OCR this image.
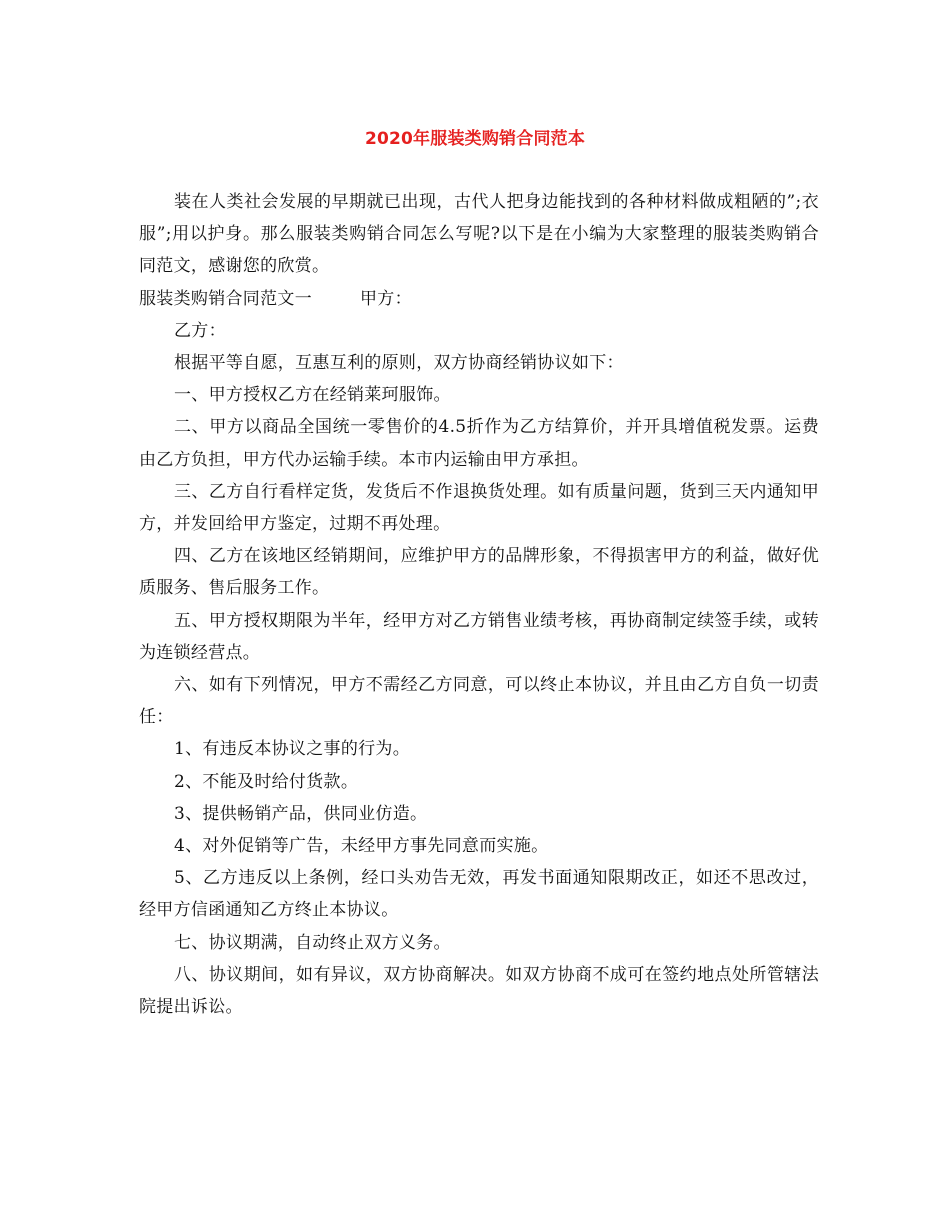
2020年服装类购销合同范本

装在人类社会发展的早期就已出现，古代人把身边能找到的各种材料做成粗陋的”;衣服”;用以护身。那么服装类购销合同怎么写呢?以下是在小编为大家整理的服装类购销合同范文，感谢您的欣赏。

服装类购销合同范文一	甲方：

乙方：

根据平等自愿，互惠互利的原则，双方协商经销协议如下：

一、甲方授权乙方在经销莱珂服饰。

二、甲方以商品全国统一零售价的4.5折作为乙方结算价，并开具增值税发票。运费由乙方负担，甲方代办运输手续。本市内运输由甲方承担。

三、乙方自行看样定货，发货后不作退换货处理。如有质量问题，货到三天内通知甲方，并发回给甲方鉴定，过期不再处理。

四、乙方在该地区经销期间，应维护甲方的品牌形象，不得损害甲方的利益，做好优质服务、售后服务工作。

五、甲方授权期限为半年，经甲方对乙方销售业绩考核，再协商制定续签手续，或转为连锁经营点。

六、如有下列情况，甲方不需经乙方同意，可以终止本协议，并且由乙方自负一切责任：

1、有违反本协议之事的行为。

2、不能及时给付货款。

3、提供畅销产品，供同业仿造。

4、对外促销等广告，未经甲方事先同意而实施。

5、乙方违反以上条例，经口头劝告无效，再发书面通知限期改正，如还不思改过，经甲方信函通知乙方终止本协议。

七、协议期满，自动终止双方义务。

八、协议期间，如有异议，双方协商解决。如双方协商不成可在签约地点处所管辖法院提出诉讼。
